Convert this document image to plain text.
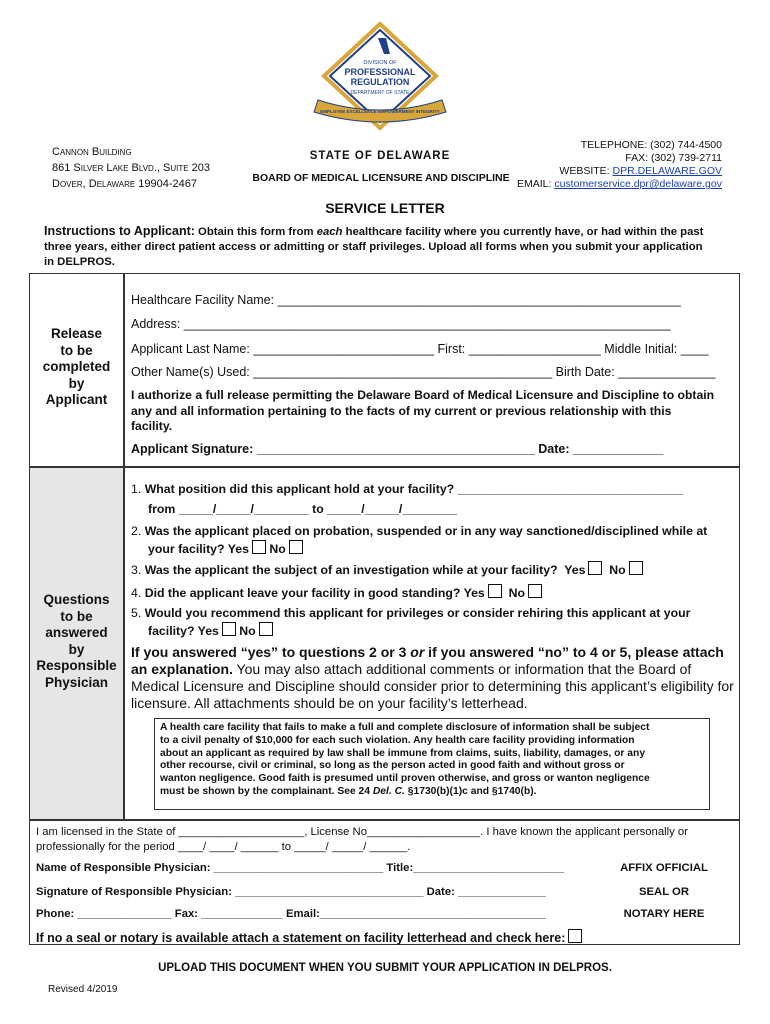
DIVISION OF
PROFESSIONAL
REGULATION
DEPARTMENT OF STATE
EMPLOYEE EXCELLENCE EMPOWERMENT INTEGRITY
Cannon Building
861 Silver Lake Blvd., Suite 203
Dover, Delaware 19904-2467
STATE OF DELAWARE
BOARD OF MEDICAL LICENSURE AND DISCIPLINE
TELEPHONE: (302) 744-4500
FAX: (302) 739-2711
WEBSITE: DPR.DELAWARE.GOV
EMAIL: customerservice.dpr@delaware.gov
SERVICE LETTER
Instructions to Applicant: Obtain this form from each healthcare facility where you currently have, or had within the past
three years, either direct patient access or admitting or staff privileges. Upload all forms when you submit your application
in DELPROS.
Release
to be
completed
by
Applicant
Healthcare Facility Name: __________________________________________________________
Address: ______________________________________________________________________
Applicant Last Name: __________________________ First: ___________________ Middle Initial: ____
Other Name(s) Used: ___________________________________________ Birth Date: ______________
I authorize a full release permitting the Delaware Board of Medical Licensure and Discipline to obtain
any and all information pertaining to the facts of my current or previous relationship with this
facility.
Applicant Signature: ________________________________________ Date: _____________
Questions
to be
answered
by
Responsible
Physician
1. What position did this applicant hold at your facility? _________________________________
from _____/_____/________ to _____/_____/________
2. Was the applicant placed on probation, suspended or in any way sanctioned/disciplined while at
your facility? Yes No
3. Was the applicant the subject of an investigation while at your facility? Yes No
4. Did the applicant leave your facility in good standing? Yes No
5. Would you recommend this applicant for privileges or consider rehiring this applicant at your
facility? Yes No
If you answered “yes” to questions 2 or 3 or if you answered “no” to 4 or 5, please attach
an explanation. You may also attach additional comments or information that the Board of
Medical Licensure and Discipline should consider prior to determining this applicant’s eligibility for
licensure. All attachments should be on your facility’s letterhead.
A health care facility that fails to make a full and complete disclosure of information shall be subject
to a civil penalty of $10,000 for each such violation. Any health care facility providing information
about an applicant as required by law shall be immune from claims, suits, liability, damages, or any
other recourse, civil or criminal, so long as the person acted in good faith and without gross or
wanton negligence. Good faith is presumed until proven otherwise, and gross or wanton negligence
must be shown by the complainant. See 24 Del. C. §1730(b)(1)c and §1740(b).
I am licensed in the State of ____________________, License No__________________. I have known the applicant personally or
professionally for the period ____/ ____/ ______ to _____/ _____/ ______.
Name of Responsible Physician: ___________________________ Title:________________________
Signature of Responsible Physician: ______________________________ Date: ______________
Phone: _______________ Fax: _____________ Email:____________________________________
AFFIX OFFICIAL
SEAL OR
NOTARY HERE
If no a seal or notary is available attach a statement on facility letterhead and check here:
UPLOAD THIS DOCUMENT WHEN YOU SUBMIT YOUR APPLICATION IN DELPROS.
Revised 4/2019
